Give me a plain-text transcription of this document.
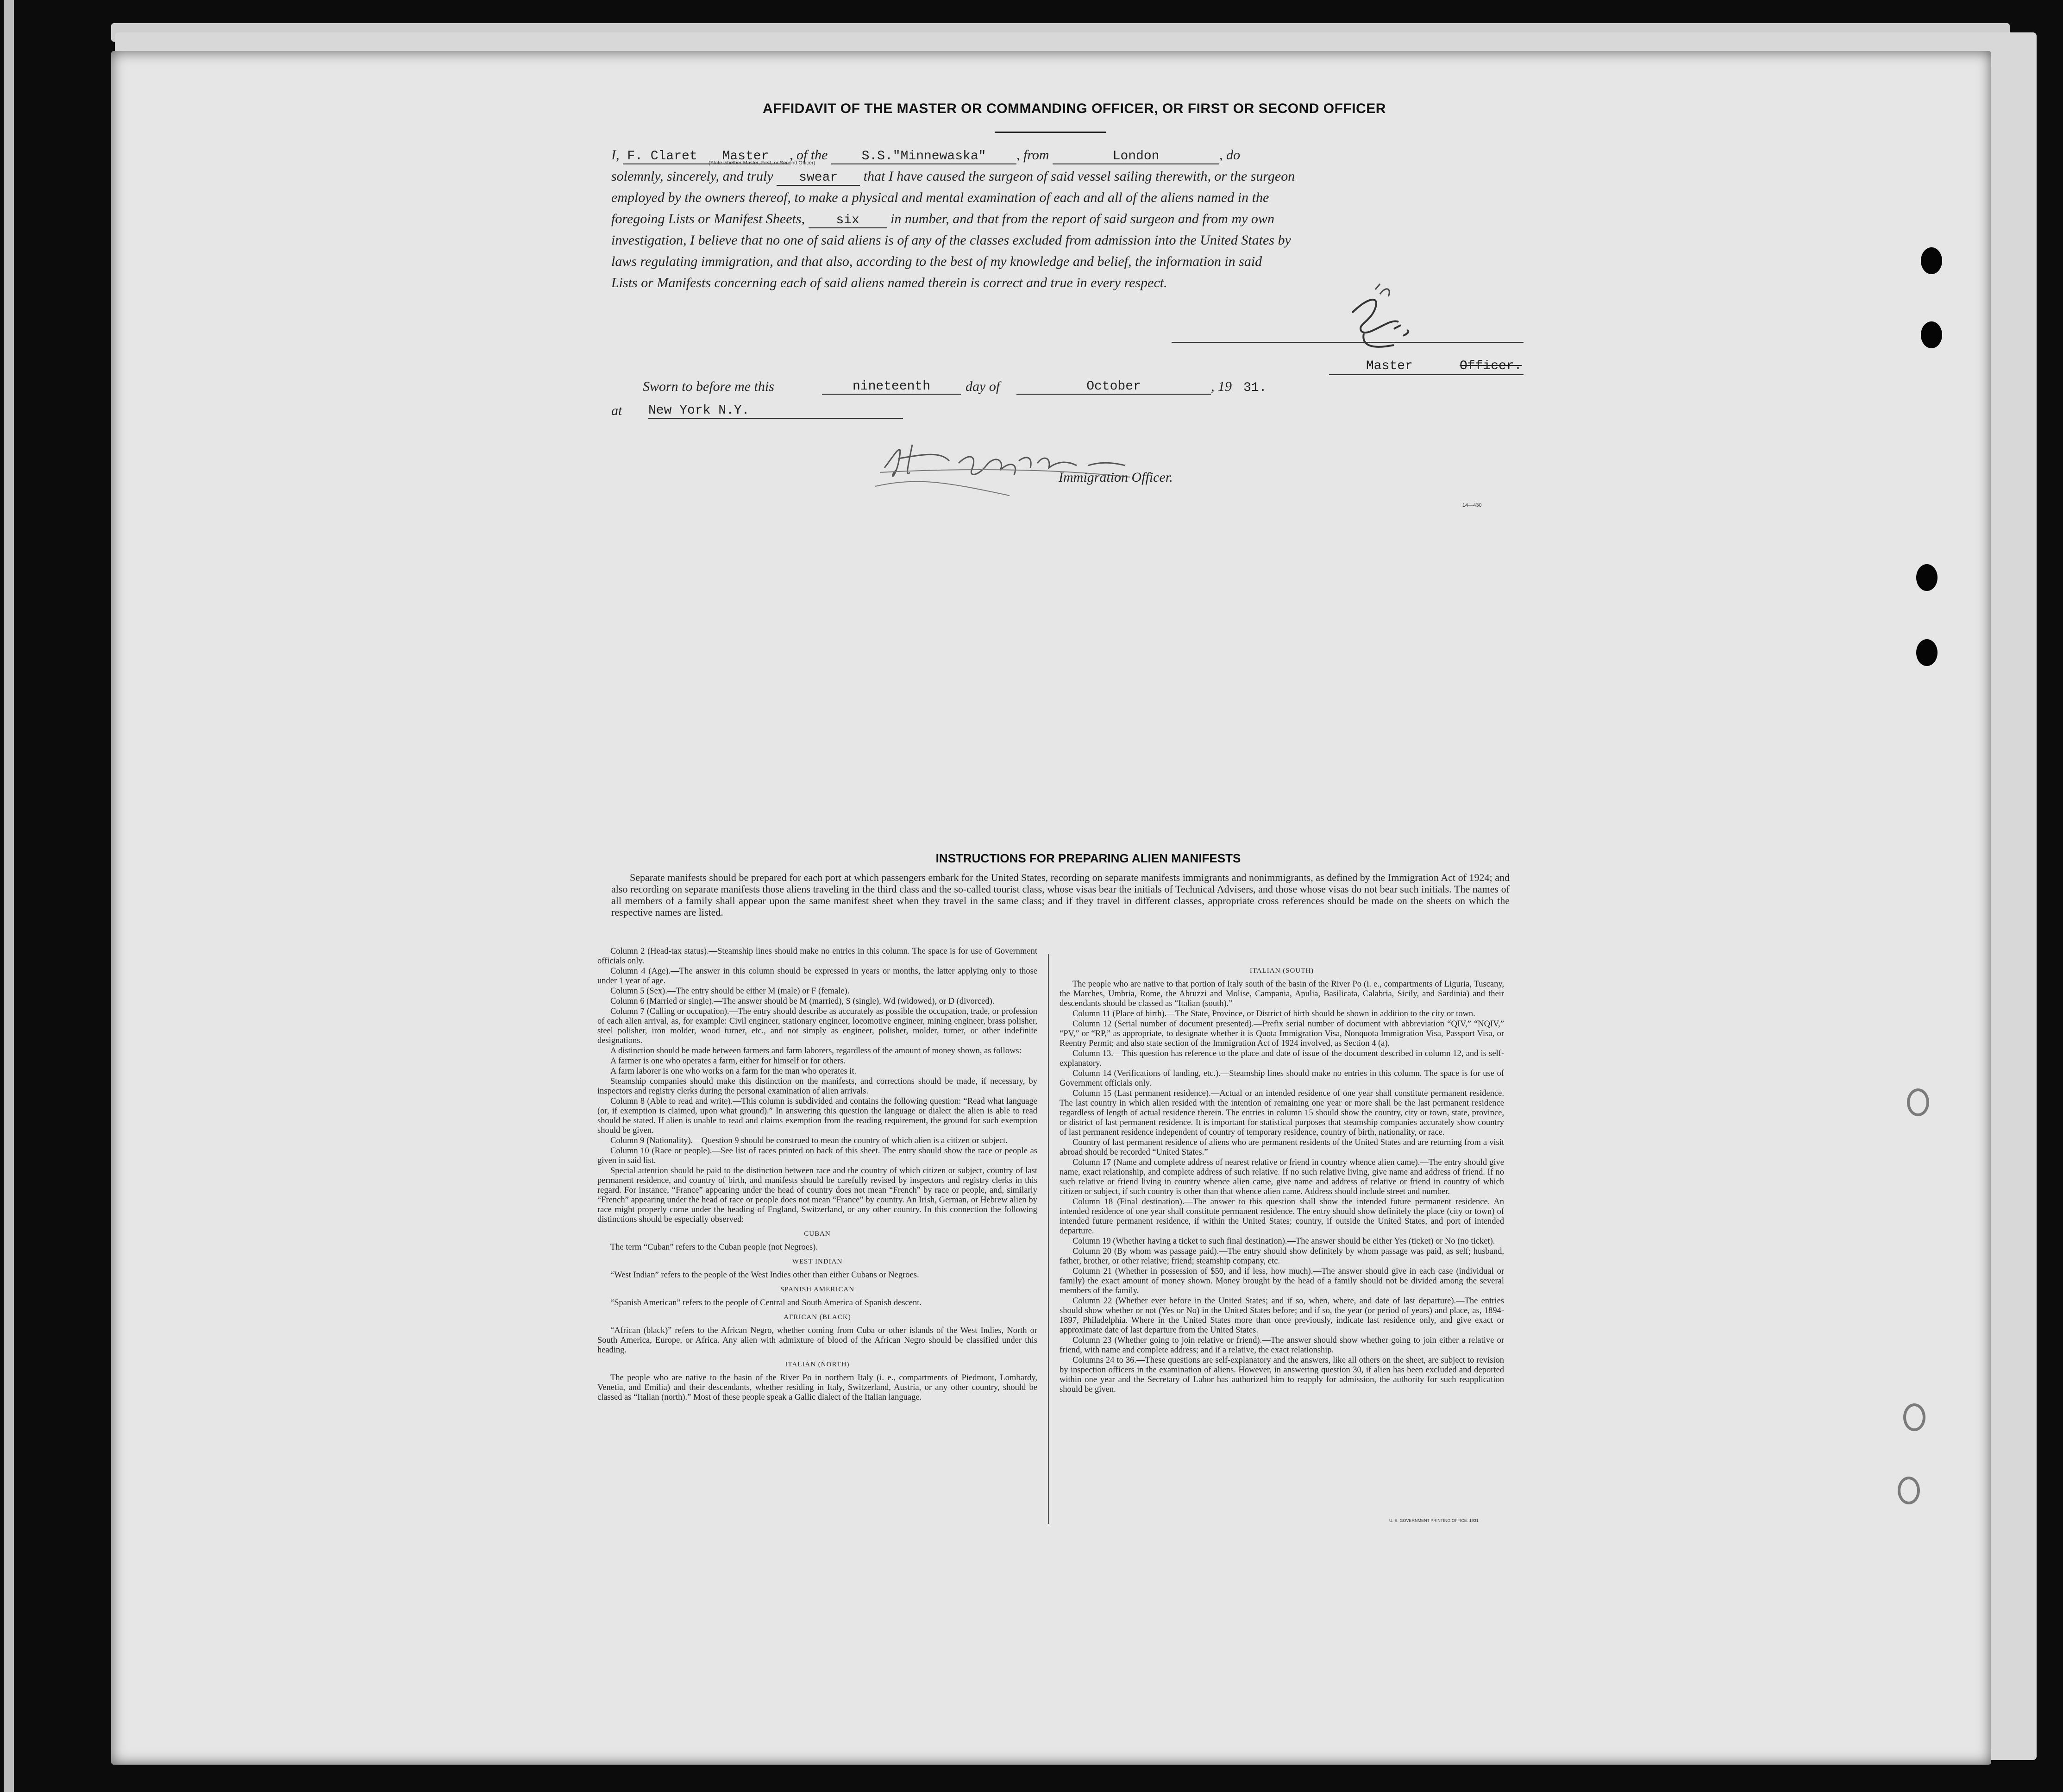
AFFIDAVIT OF THE MASTER OR COMMANDING OFFICER, OR FIRST OR SECOND OFFICER

I, F. Claret Master , of the	S.S."Minnewaska" , from	London	, do

solemnly, sincerely, and truly swear that I have caused the surgeon of said vessel sailing therewith, or the surgeon

employed by the owners thereof, to make a physical and mental examination of each and all of the aliens named in the

foregoing Lists or Manifest Sheets, six in number, and that from the report of said surgeon and from my own

investigation, I believe that no one of said aliens is of any of the classes excluded from admission into the United States by

laws regulating immigration, and that also, according to the best of my knowledge and belief, the information in said

Lists or Manifests concerning each of said aliens named therein is correct and true in every respect.

(State whether Master, First, or Second Officer)
Master	Officer.
Sworn to before me this	nineteenth	day of	October	, 19 31.
at New York N.Y.
Immigration Officer.
14—430
INSTRUCTIONS FOR PREPARING ALIEN MANIFESTS

Separate manifests should be prepared for each port at which passengers embark for the United States, recording on separate manifests immigrants and nonimmigrants, as defined by the Immigration Act of 1924; and also recording on separate manifests those aliens traveling in the third class and the so-called tourist class, whose visas bear the initials of Technical Advisers, and those whose visas do not bear such initials. The names of all members of a family shall appear upon the same manifest sheet when they travel in the same class; and if they travel in different classes, appropriate cross references should be made on the sheets on which the respective names are listed.

Column 2 (Head-tax status).—Steamship lines should make no entries in this column. The space is for use of Government officials only.

Column 4 (Age).—The answer in this column should be expressed in years or months, the latter applying only to those under 1 year of age.

Column 5 (Sex).—The entry should be either M (male) or F (female).

Column 6 (Married or single).—The answer should be M (married), S (single), Wd (widowed), or D (divorced).

Column 7 (Calling or occupation).—The entry should describe as accurately as possible the occupation, trade, or profession of each alien arrival, as, for example: Civil engineer, stationary engineer, locomotive engineer, mining engineer, brass polisher, steel polisher, iron molder, wood turner, etc., and not simply as engineer, polisher, molder, turner, or other indefinite designations.

A distinction should be made between farmers and farm laborers, regardless of the amount of money shown, as follows:

A farmer is one who operates a farm, either for himself or for others.

A farm laborer is one who works on a farm for the man who operates it.

Steamship companies should make this distinction on the manifests, and corrections should be made, if necessary, by inspectors and registry clerks during the personal examination of alien arrivals.

Column 8 (Able to read and write).—This column is subdivided and contains the following question: “Read what language (or, if exemption is claimed, upon what ground).” In answering this question the language or dialect the alien is able to read should be stated. If alien is unable to read and claims exemption from the reading requirement, the ground for such exemption should be given.

Column 9 (Nationality).—Question 9 should be construed to mean the country of which alien is a citizen or subject.

Column 10 (Race or people).—See list of races printed on back of this sheet. The entry should show the race or people as given in said list.

Special attention should be paid to the distinction between race and the country of which citizen or subject, country of last permanent residence, and country of birth, and manifests should be carefully revised by inspectors and registry clerks in this regard. For instance, “France” appearing under the head of country does not mean “French” by race or people, and, similarly “French” appearing under the head of race or people does not mean “France” by country. An Irish, German, or Hebrew alien by race might properly come under the heading of England, Switzerland, or any other country. In this connection the following distinctions should be especially observed:

CUBAN

The term “Cuban” refers to the Cuban people (not Negroes).

WEST INDIAN

“West Indian” refers to the people of the West Indies other than either Cubans or Negroes.

SPANISH AMERICAN

“Spanish American” refers to the people of Central and South America of Spanish descent.

AFRICAN (BLACK)

“African (black)” refers to the African Negro, whether coming from Cuba or other islands of the West Indies, North or South America, Europe, or Africa. Any alien with admixture of blood of the African Negro should be classified under this heading.

ITALIAN (NORTH)

The people who are native to the basin of the River Po in northern Italy (i. e., compartments of Piedmont, Lombardy, Venetia, and Emilia) and their descendants, whether residing in Italy, Switzerland, Austria, or any other country, should be classed as “Italian (north).” Most of these people speak a Gallic dialect of the Italian language.

ITALIAN (SOUTH)

The people who are native to that portion of Italy south of the basin of the River Po (i. e., compartments of Liguria, Tuscany, the Marches, Umbria, Rome, the Abruzzi and Molise, Campania, Apulia, Basilicata, Calabria, Sicily, and Sardinia) and their descendants should be classed as “Italian (south).”

Column 11 (Place of birth).—The State, Province, or District of birth should be shown in addition to the city or town.

Column 12 (Serial number of document presented).—Prefix serial number of document with abbreviation “QIV,” “NQIV,” “PV,” or “RP,” as appropriate, to designate whether it is Quota Immigration Visa, Nonquota Immigration Visa, Passport Visa, or Reentry Permit; and also state section of the Immigration Act of 1924 involved, as Section 4 (a).

Column 13.—This question has reference to the place and date of issue of the document described in column 12, and is self-explanatory.

Column 14 (Verifications of landing, etc.).—Steamship lines should make no entries in this column. The space is for use of Government officials only.

Column 15 (Last permanent residence).—Actual or an intended residence of one year shall constitute permanent residence. The last country in which alien resided with the intention of remaining one year or more shall be the last permanent residence regardless of length of actual residence therein. The entries in column 15 should show the country, city or town, state, province, or district of last permanent residence. It is important for statistical purposes that steamship companies accurately show country of last permanent residence independent of country of temporary residence, country of birth, nationality, or race.

Country of last permanent residence of aliens who are permanent residents of the United States and are returning from a visit abroad should be recorded “United States.”

Column 17 (Name and complete address of nearest relative or friend in country whence alien came).—The entry should give name, exact relationship, and complete address of such relative. If no such relative living, give name and address of friend. If no such relative or friend living in country whence alien came, give name and address of relative or friend in country of which citizen or subject, if such country is other than that whence alien came. Address should include street and number.

Column 18 (Final destination).—The answer to this question shall show the intended future permanent residence. An intended residence of one year shall constitute permanent residence. The entry should show definitely the place (city or town) of intended future permanent residence, if within the United States; country, if outside the United States, and port of intended departure.

Column 19 (Whether having a ticket to such final destination).—The answer should be either Yes (ticket) or No (no ticket).

Column 20 (By whom was passage paid).—The entry should show definitely by whom passage was paid, as self; husband, father, brother, or other relative; friend; steamship company, etc.

Column 21 (Whether in possession of $50, and if less, how much).—The answer should give in each case (individual or family) the exact amount of money shown. Money brought by the head of a family should not be divided among the several members of the family.

Column 22 (Whether ever before in the United States; and if so, when, where, and date of last departure).—The entries should show whether or not (Yes or No) in the United States before; and if so, the year (or period of years) and place, as, 1894-1897, Philadelphia. Where in the United States more than once previously, indicate last residence only, and give exact or approximate date of last departure from the United States.

Column 23 (Whether going to join relative or friend).—The answer should show whether going to join either a relative or friend, with name and complete address; and if a relative, the exact relationship.

Columns 24 to 36.—These questions are self-explanatory and the answers, like all others on the sheet, are subject to revision by inspection officers in the examination of aliens. However, in answering question 30, if alien has been excluded and deported within one year and the Secretary of Labor has authorized him to reapply for admission, the authority for such reapplication should be given.

U. S. GOVERNMENT PRINTING OFFICE: 1931
